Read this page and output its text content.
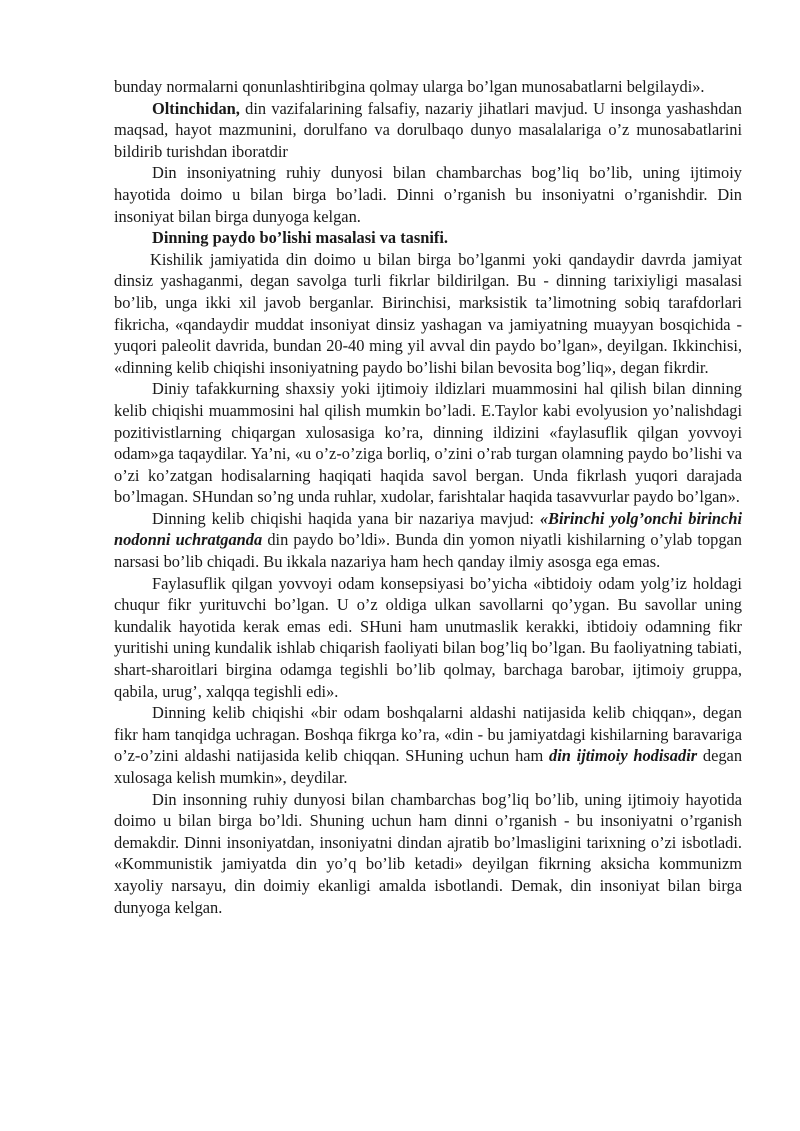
bunday normalarni qonunlashtiribgina qolmay ularga bo’lgan munosabatlarni belgilaydi».

Oltinchidan, din vazifalarining falsafiy, nazariy jihatlari mavjud. U insonga yashashdan maqsad, hayot mazmunini, dorulfano va dorulbaqo dunyo masalalariga o’z munosabatlarini bildirib turishdan iboratdir

Din insoniyatning ruhiy dunyosi bilan chambarchas bog’liq bo’lib, uning ijtimoiy hayotida doimo u bilan birga bo’ladi. Dinni o’rganish bu insoniyatni o’rganishdir. Din insoniyat bilan birga dunyoga kelgan.

Dinning paydo bo’lishi masalasi va tasnifi.

Kishilik jamiyatida din doimo u bilan birga bo’lganmi yoki qandaydir davrda jamiyat dinsiz yashaganmi, degan savolga turli fikrlar bildirilgan. Bu - dinning tarixiyligi masalasi bo’lib, unga ikki xil javob berganlar. Birinchisi, marksistik ta’limotning sobiq tarafdorlari fikricha, «qandaydir muddat insoniyat dinsiz yashagan va jamiyatning muayyan bosqichida - yuqori paleolit davrida, bundan 20-40 ming yil avval din paydo bo’lgan», deyilgan. Ikkinchisi, «dinning kelib chiqishi insoniyatning paydo bo’lishi bilan bevosita bog’liq», degan fikrdir.

Diniy tafakkurning shaxsiy yoki ijtimoiy ildizlari muammosini hal qilish bilan dinning kelib chiqishi muammosini hal qilish mumkin bo’ladi. E.Taylor kabi evolyusion yo’nalishdagi pozitivistlarning chiqargan xulosasiga ko’ra, dinning ildizini «faylasuflik qilgan yovvoyi odam»ga taqaydilar. Ya’ni, «u o’z-o’ziga borliq, o’zini o’rab turgan olamning paydo bo’lishi va o’zi ko’zatgan hodisalarning haqiqati haqida savol bergan. Unda fikrlash yuqori darajada bo’lmagan. SHundan so’ng unda ruhlar, xudolar, farishtalar haqida tasavvurlar paydo bo’lgan».

Dinning kelib chiqishi haqida yana bir nazariya mavjud: «Birinchi yolg’onchi birinchi nodonni uchratganda din paydo bo’ldi». Bunda din yomon niyatli kishilarning o’ylab topgan narsasi bo’lib chiqadi. Bu ikkala nazariya ham hech qanday ilmiy asosga ega emas.

Faylasuflik qilgan yovvoyi odam konsepsiyasi bo’yicha «ibtidoiy odam yolg’iz holdagi chuqur fikr yurituvchi bo’lgan. U o’z oldiga ulkan savollarni qo’ygan. Bu savollar uning kundalik hayotida kerak emas edi. SHuni ham unutmaslik kerakki, ibtidoiy odamning fikr yuritishi uning kundalik ishlab chiqarish faoliyati bilan bog’liq bo’lgan. Bu faoliyatning tabiati, shart-sharoitlari birgina odamga tegishli bo’lib qolmay, barchaga barobar, ijtimoiy gruppa, qabila, urug’, xalqqa tegishli edi».

Dinning kelib chiqishi «bir odam boshqalarni aldashi natijasida kelib chiqqan», degan fikr ham tanqidga uchragan. Boshqa fikrga ko’ra, «din - bu jamiyatdagi kishilarning baravariga o’z-o’zini aldashi natijasida kelib chiqqan. SHuning uchun ham din ijtimoiy hodisadir degan xulosaga kelish mumkin», deydilar.

Din insonning ruhiy dunyosi bilan chambarchas bog’liq bo’lib, uning ijtimoiy hayotida doimo u bilan birga bo’ldi. Shuning uchun ham dinni o’rganish - bu insoniyatni o’rganish demakdir. Dinni insoniyatdan, insoniyatni dindan ajratib bo’lmasligini tarixning o’zi isbotladi. «Kommunistik jamiyatda din yo’q bo’lib ketadi» deyilgan fikrning aksicha kommunizm xayoliy narsayu, din doimiy ekanligi amalda isbotlandi. Demak, din insoniyat bilan birga dunyoga kelgan.
